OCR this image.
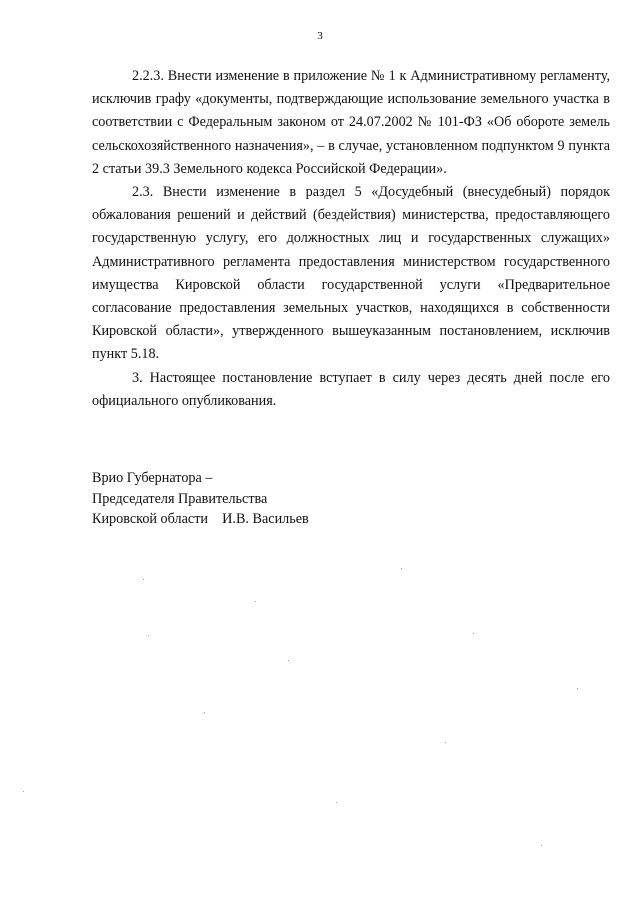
3

2.2.3. Внести изменение в приложение № 1 к Административному регламенту, исключив графу «документы, подтверждающие использование земельного участка в соответствии с Федеральным законом от 24.07.2002 № 101-ФЗ «Об обороте земель сельскохозяйственного назначения», – в случае, установленном подпунктом 9 пункта 2 статьи 39.3 Земельного кодекса Российской Федерации».

2.3. Внести изменение в раздел 5 «Досудебный (внесудебный) порядок обжалования решений и действий (бездействия) министерства, предоставляющего государственную услугу, его должностных лиц и государственных служащих» Административного регламента предоставления министерством государственного имущества Кировской области государственной услуги «Предварительное согласование предоставления земельных участков, находящихся в собственности Кировской области», утвержденного вышеуказанным постановлением, исключив пункт 5.18.

3. Настоящее постановление вступает в силу через десять дней после его официального опубликования.

Врио Губернатора –
Председателя Правительства
Кировской области    И.В. Васильев
